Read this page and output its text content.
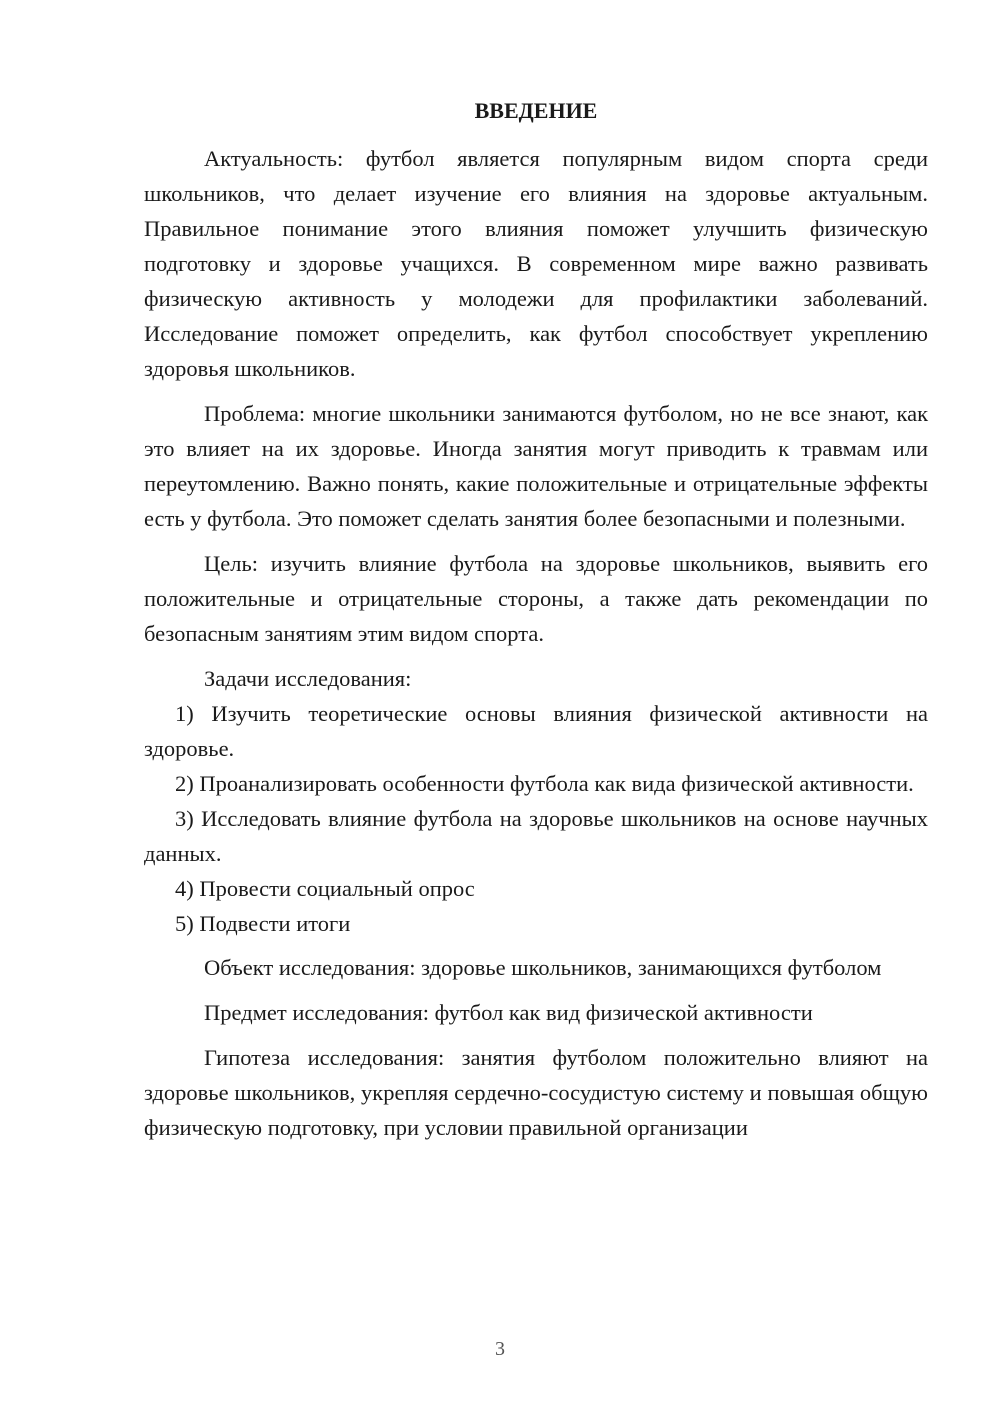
ВВЕДЕНИЕ

Актуальность: футбол является популярным видом спорта среди школьников, что делает изучение его влияния на здоровье актуальным. Правильное понимание этого влияния поможет улучшить физическую подготовку и здоровье учащихся. В современном мире важно развивать физическую активность у молодежи для профилактики заболеваний. Исследование поможет определить, как футбол способствует укреплению здоровья школьников.

Проблема: многие школьники занимаются футболом, но не все знают, как это влияет на их здоровье. Иногда занятия могут приводить к травмам или переутомлению. Важно понять, какие положительные и отрицательные эффекты есть у футбола. Это поможет сделать занятия более безопасными и полезными.

Цель: изучить влияние футбола на здоровье школьников, выявить его положительные и отрицательные стороны, а также дать рекомендации по безопасным занятиям этим видом спорта.

Задачи исследования:

1) Изучить теоретические основы влияния физической активности на здоровье.

2) Проанализировать особенности футбола как вида физической активности.

3) Исследовать влияние футбола на здоровье школьников на основе научных данных.

4) Провести социальный опрос

5) Подвести итоги

Объект исследования: здоровье школьников, занимающихся футболом

Предмет исследования: футбол как вид физической активности

Гипотеза исследования: занятия футболом положительно влияют на здоровье школьников, укрепляя сердечно-сосудистую систему и повышая общую физическую подготовку, при условии правильной организации

3
